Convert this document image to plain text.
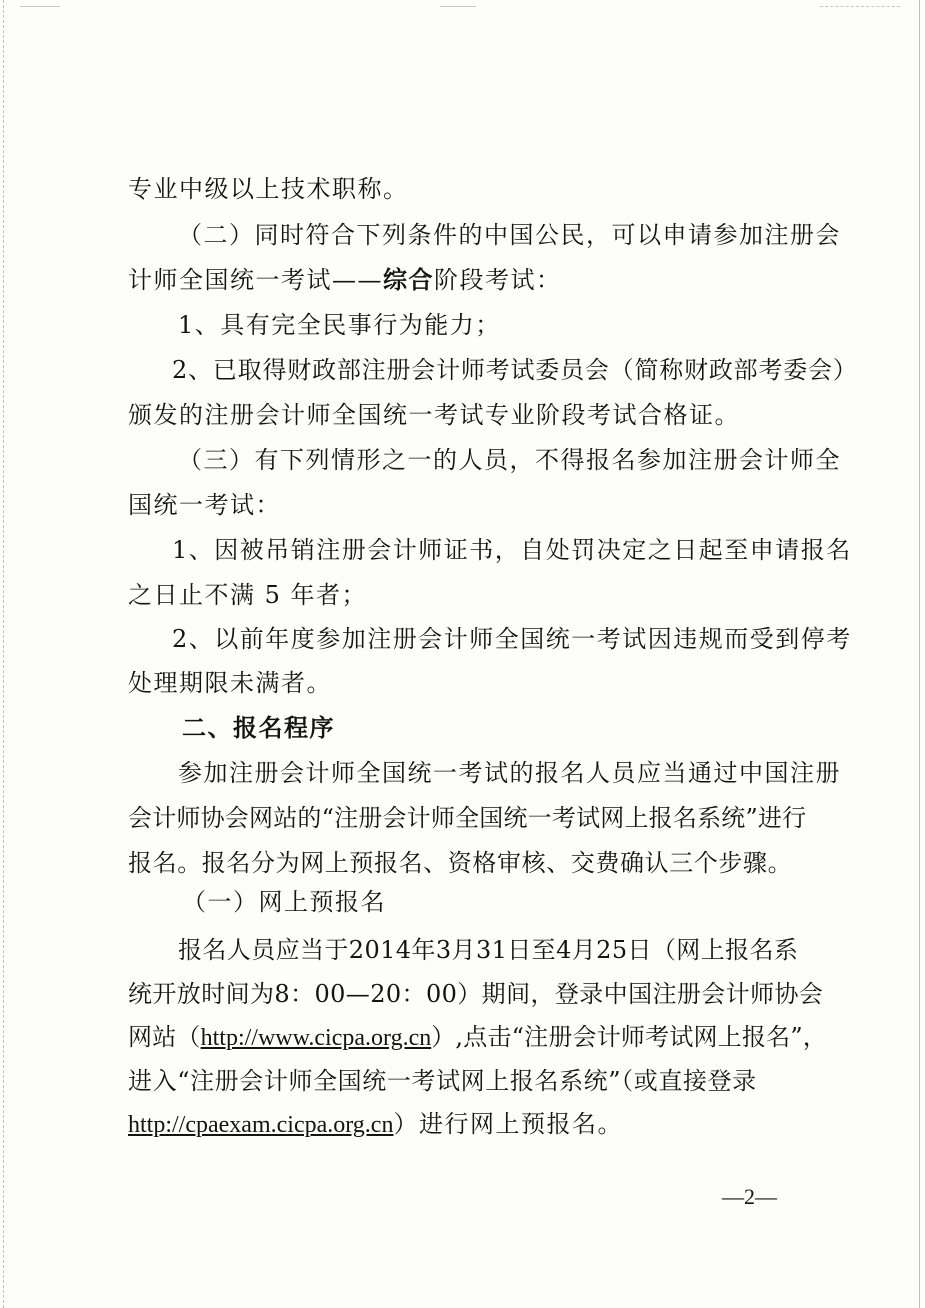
专业中级以上技术职称。
（二）同时符合下列条件的中国公民，可以申请参加注册会
计师全国统一考试——综合阶段考试：
1、具有完全民事行为能力；
2、已取得财政部注册会计师考试委员会（简称财政部考委会）
颁发的注册会计师全国统一考试专业阶段考试合格证。
（三）有下列情形之一的人员，不得报名参加注册会计师全
国统一考试：
1、因被吊销注册会计师证书，自处罚决定之日起至申请报名
之日止不满 5 年者；
2、以前年度参加注册会计师全国统一考试因违规而受到停考
处理期限未满者。
二、报名程序
参加注册会计师全国统一考试的报名人员应当通过中国注册
会计师协会网站的“注册会计师全国统一考试网上报名系统”进行
报名。报名分为网上预报名、资格审核、交费确认三个步骤。
（一）网上预报名
报名人员应当于2014年3月31日至4月25日（网上报名系
统开放时间为8：00—20：00）期间，登录中国注册会计师协会
网站（http://www.cicpa.org.cn）,点击“注册会计师考试网上报名”，
进入“注册会计师全国统一考试网上报名系统”（或直接登录
http://cpaexam.cicpa.org.cn）进行网上预报名。
—2—
